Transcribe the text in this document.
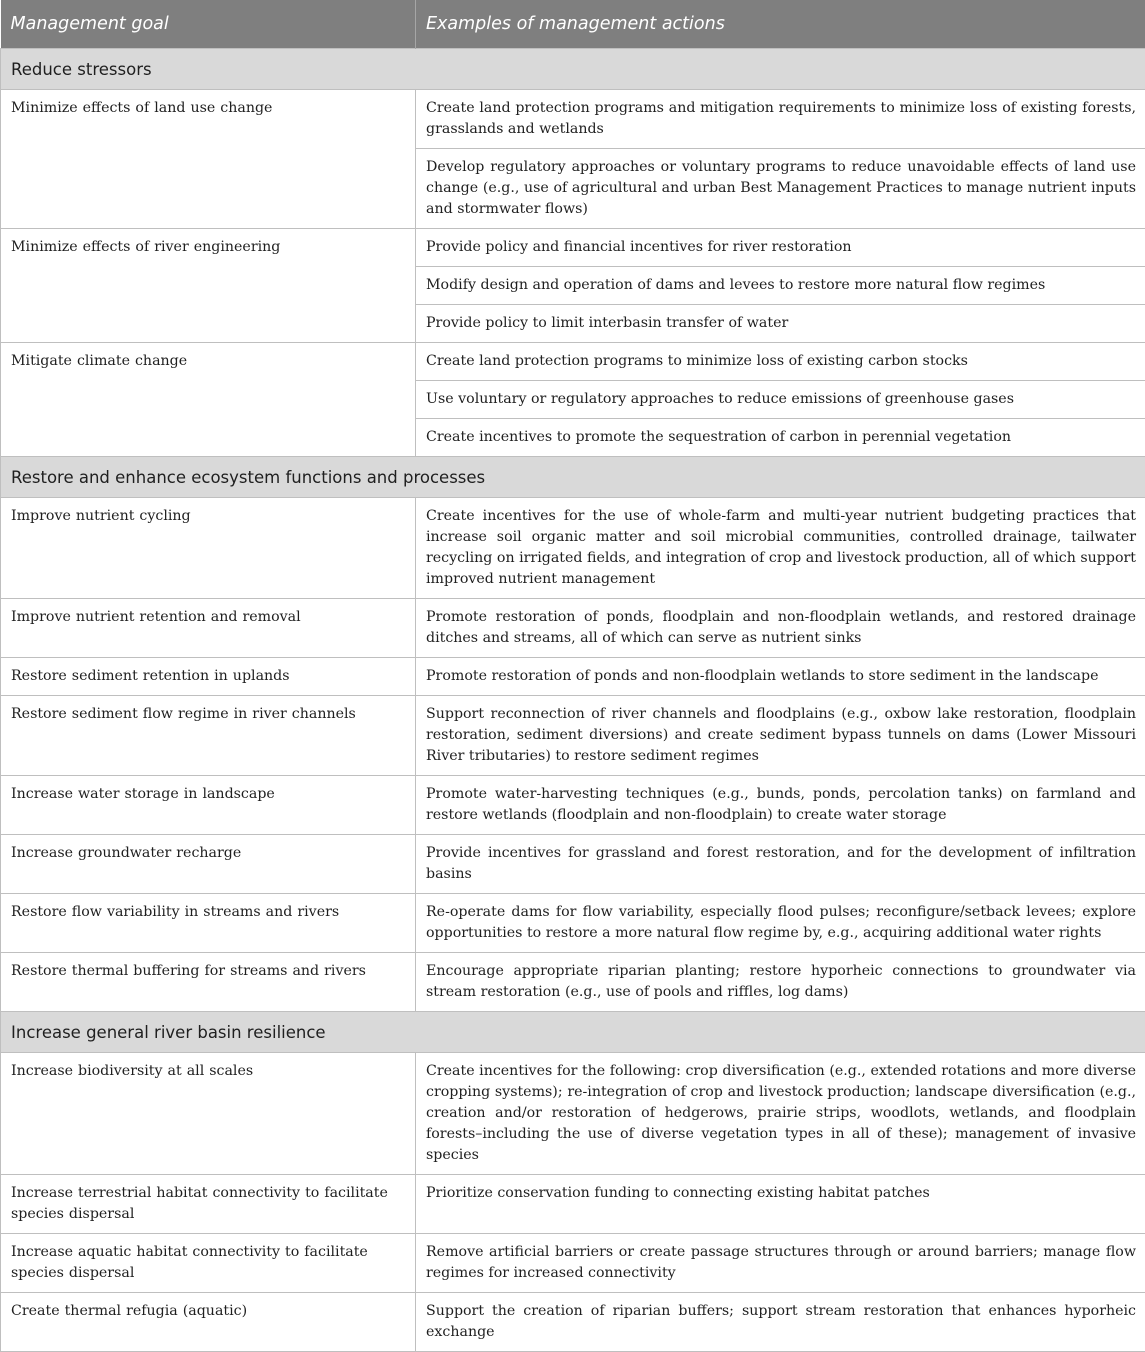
Management goal	Examples of management actions
Reduce stressors	
Minimize effects of land use change	Create land protection programs and mitigation requirements to minimize loss of existing forests, grasslands and wetlands
	Develop regulatory approaches or voluntary programs to reduce unavoidable effects of land use change (e.g., use of agricultural and urban Best Management Practices to manage nutrient inputs and stormwater flows)
Minimize effects of river engineering	Provide policy and financial incentives for river restoration
	Modify design and operation of dams and levees to restore more natural flow regimes
	Provide policy to limit interbasin transfer of water
Mitigate climate change	Create land protection programs to minimize loss of existing carbon stocks
	Use voluntary or regulatory approaches to reduce emissions of greenhouse gases
	Create incentives to promote the sequestration of carbon in perennial vegetation
Restore and enhance ecosystem functions and processes	
Improve nutrient cycling	Create incentives for the use of whole-farm and multi-year nutrient budgeting practices that increase soil organic matter and soil microbial communities, controlled drainage, tailwater recycling on irrigated fields, and integration of crop and livestock production, all of which support improved nutrient management
Improve nutrient retention and removal	Promote restoration of ponds, floodplain and non-floodplain wetlands, and restored drainage ditches and streams, all of which can serve as nutrient sinks
Restore sediment retention in uplands	Promote restoration of ponds and non-floodplain wetlands to store sediment in the landscape
Restore sediment flow regime in river channels	Support reconnection of river channels and floodplains (e.g., oxbow lake restoration, floodplain restoration, sediment diversions) and create sediment bypass tunnels on dams (Lower Missouri River tributaries) to restore sediment regimes
Increase water storage in landscape	Promote water-harvesting techniques (e.g., bunds, ponds, percolation tanks) on farmland and restore wetlands (floodplain and non-floodplain) to create water storage
Increase groundwater recharge	Provide incentives for grassland and forest restoration, and for the development of infiltration basins
Restore flow variability in streams and rivers	Re-operate dams for flow variability, especially flood pulses; reconfigure/setback levees; explore opportunities to restore a more natural flow regime by, e.g., acquiring additional water rights
Restore thermal buffering for streams and rivers	Encourage appropriate riparian planting; restore hyporheic connections to groundwater via stream restoration (e.g., use of pools and riffles, log dams)
Increase general river basin resilience	
Increase biodiversity at all scales	Create incentives for the following: crop diversification (e.g., extended rotations and more diverse cropping systems); re-integration of crop and livestock production; landscape diversification (e.g., creation and/or restoration of hedgerows, prairie strips, woodlots, wetlands, and floodplain forests–including the use of diverse vegetation types in all of these); management of invasive species
Increase terrestrial habitat connectivity to facilitate species dispersal	Prioritize conservation funding to connecting existing habitat patches
Increase aquatic habitat connectivity to facilitate species dispersal	Remove artificial barriers or create passage structures through or around barriers; manage flow regimes for increased connectivity
Create thermal refugia (aquatic)	Support the creation of riparian buffers; support stream restoration that enhances hyporheic exchange
